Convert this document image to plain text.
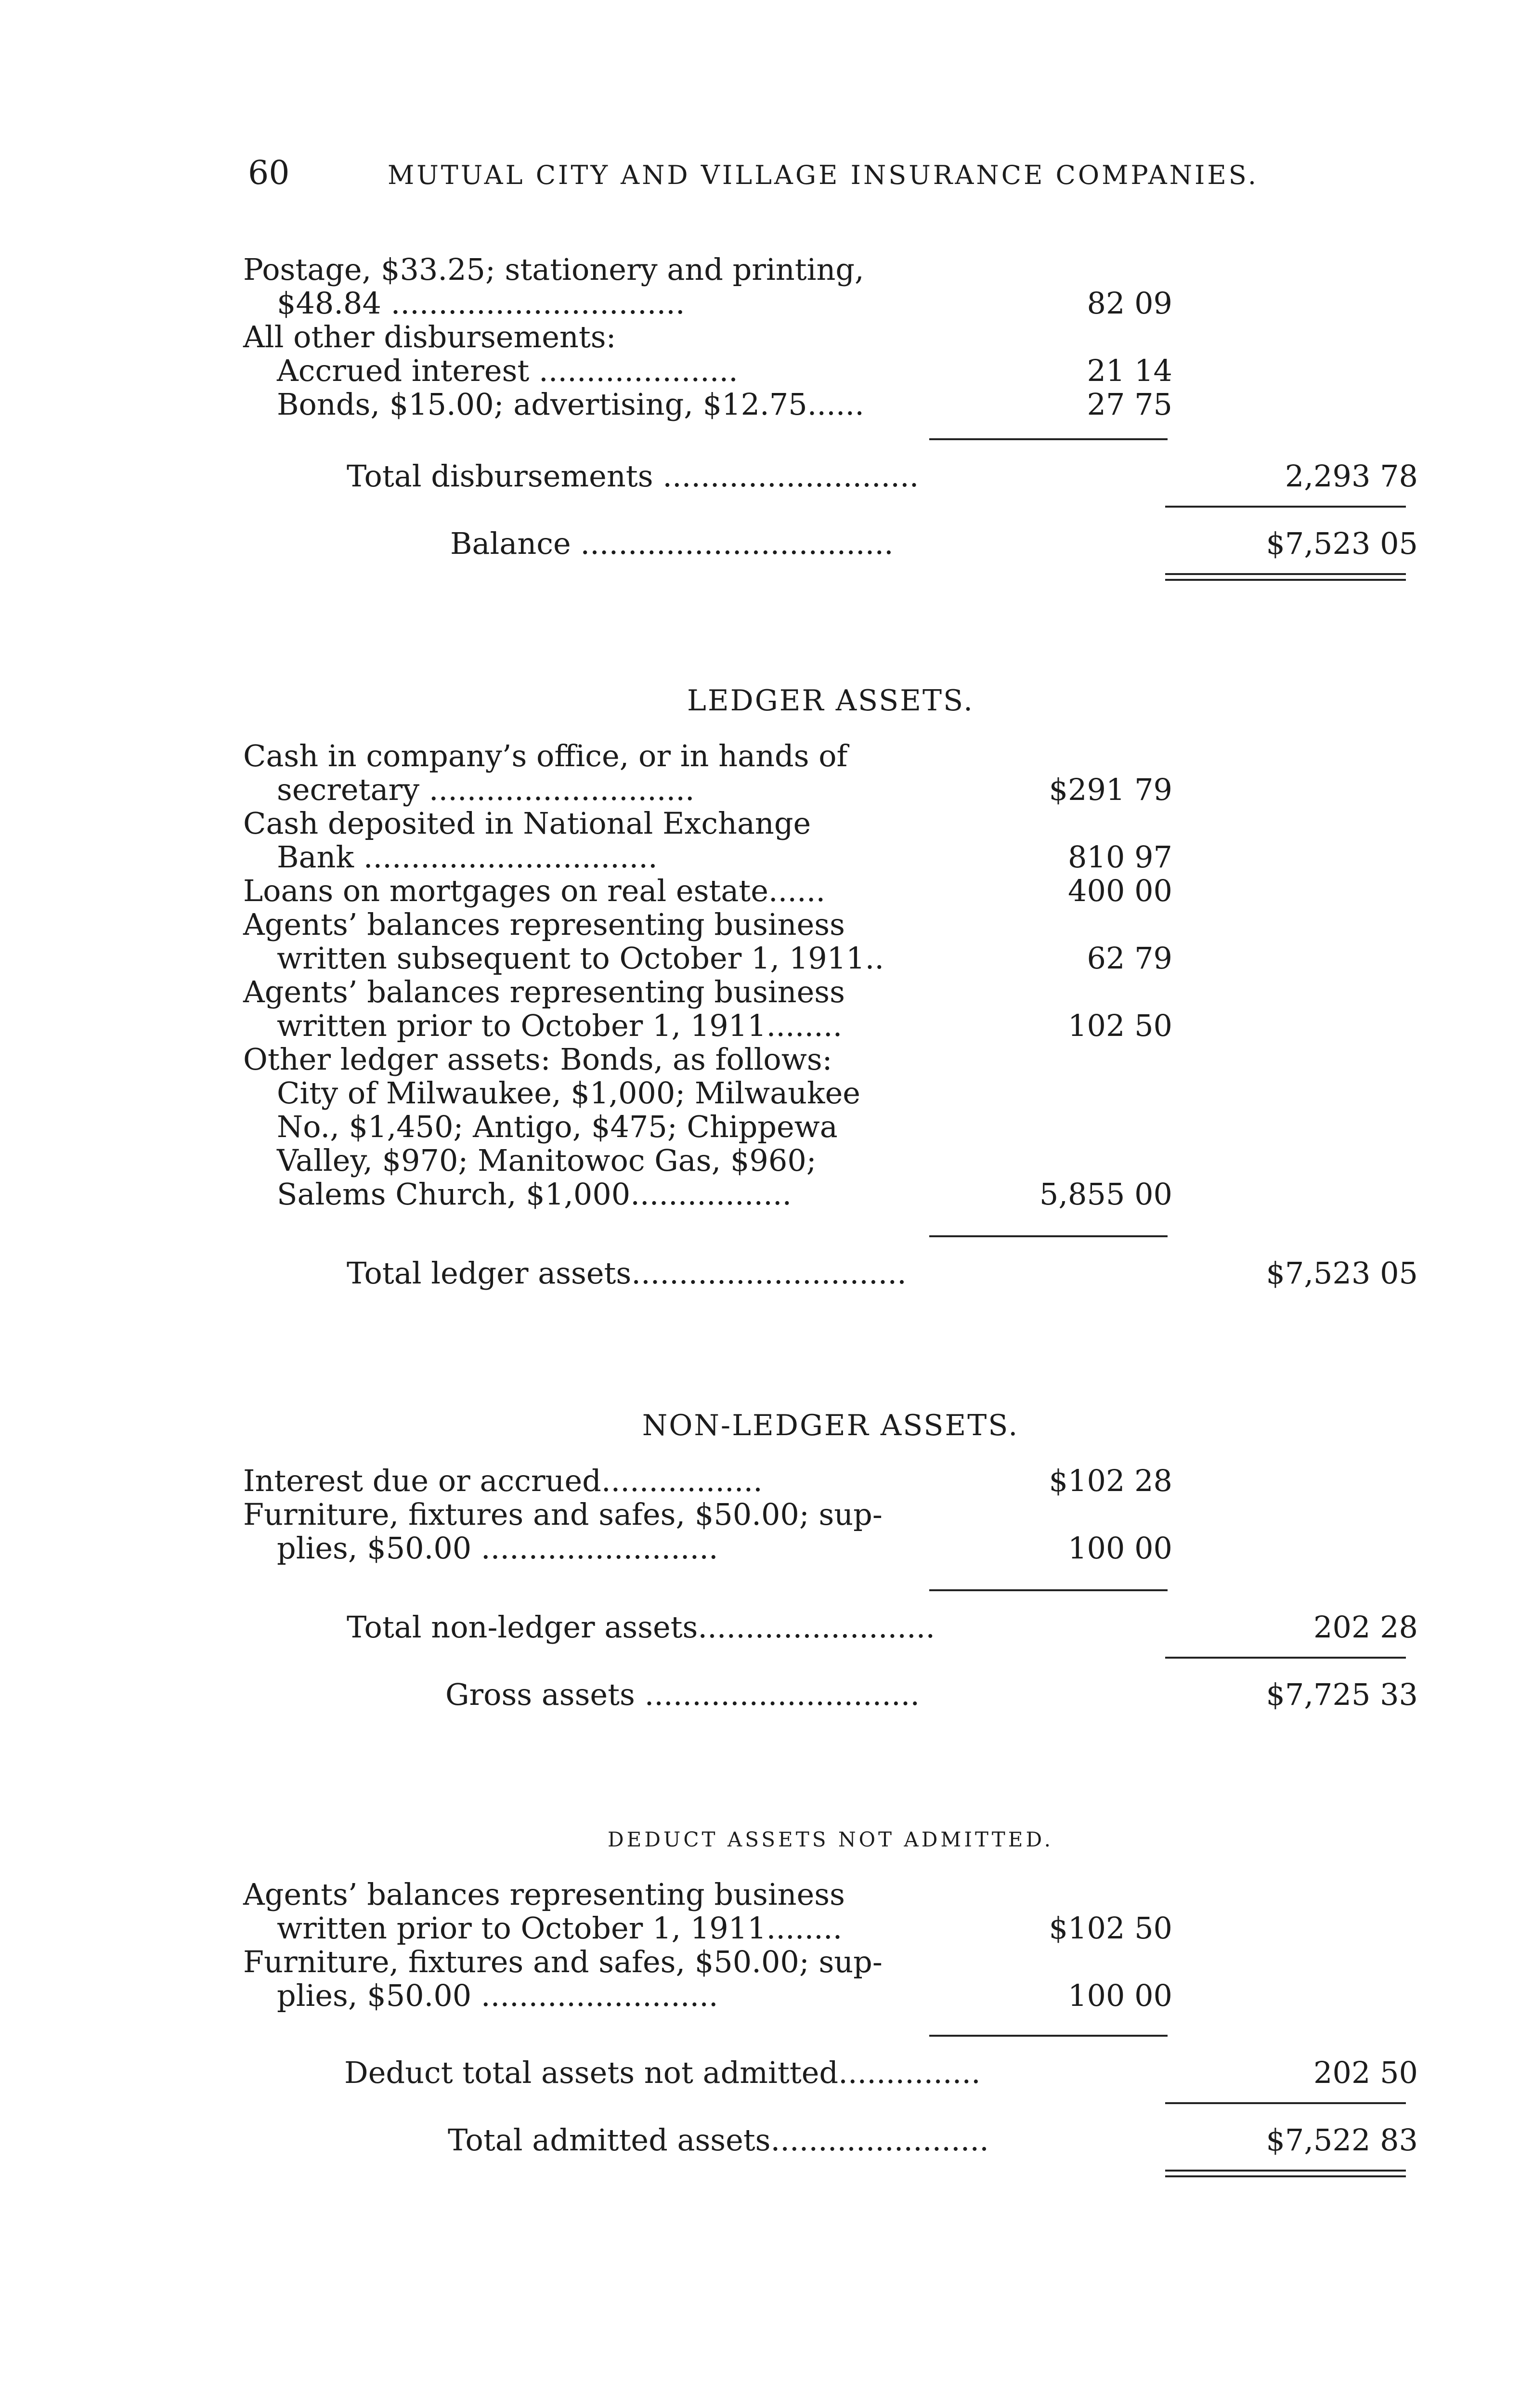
60	MUTUAL CITY AND VILLAGE INSURANCE COMPANIES.
Postage, $33.25; stationery and printing,
$48.84 ...............................	82 09
All other disbursements:
Accrued interest .....................	21 14
Bonds, $15.00; advertising, $12.75......	27 75
Total disbursements ...........................	2,293 78
Balance .................................	$7,523 05
LEDGER ASSETS.
Cash in company’s office, or in hands of
secretary ............................	$291 79
Cash deposited in National Exchange
Bank ...............................	810 97
Loans on mortgages on real estate......	400 00
Agents’ balances representing business
written subsequent to October 1, 1911..	62 79
Agents’ balances representing business
written prior to October 1, 1911........	102 50
Other ledger assets: Bonds, as follows:
City of Milwaukee, $1,000; Milwaukee
No., $1,450; Antigo, $475; Chippewa
Valley, $970; Manitowoc Gas, $960;
Salems Church, $1,000.................	5,855 00
Total ledger assets.............................	$7,523 05
NON-LEDGER ASSETS.
Interest due or accrued.................	$102 28
Furniture, fixtures and safes, $50.00; sup-
plies, $50.00 .........................	100 00
Total non-ledger assets.........................	202 28
Gross assets .............................	$7,725 33
DEDUCT ASSETS NOT ADMITTED.
Agents’ balances representing business
written prior to October 1, 1911........	$102 50
Furniture, fixtures and safes, $50.00; sup-
plies, $50.00 .........................	100 00
Deduct total assets not admitted...............	202 50
Total admitted assets.......................	$7,522 83
